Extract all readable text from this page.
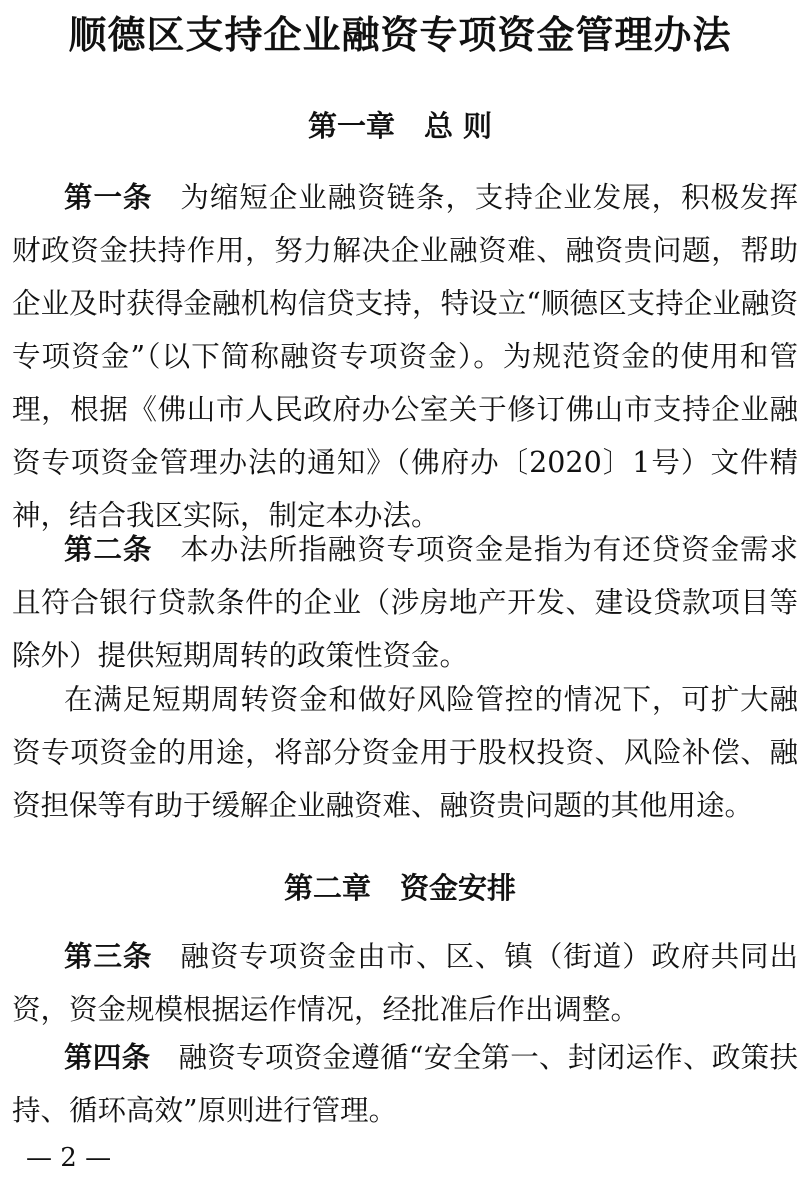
顺德区支持企业融资专项资金管理办法
第一章　总 则

第一条 为缩短企业融资链条，支持企业发展，积极发挥财政资金扶持作用，努力解决企业融资难、融资贵问题，帮助企业及时获得金融机构信贷支持，特设立“顺德区支持企业融资专项资金”（以下简称融资专项资金）。为规范资金的使用和管理，根据《佛山市人民政府办公室关于修订佛山市支持企业融资专项资金管理办法的通知》（佛府办〔2020〕1号）文件精神，结合我区实际，制定本办法。

第二条 本办法所指融资专项资金是指为有还贷资金需求且符合银行贷款条件的企业（涉房地产开发、建设贷款项目等除外）提供短期周转的政策性资金。

在满足短期周转资金和做好风险管控的情况下，可扩大融资专项资金的用途，将部分资金用于股权投资、风险补偿、融资担保等有助于缓解企业融资难、融资贵问题的其他用途。

第二章　资金安排

第三条 融资专项资金由市、区、镇（街道）政府共同出资，资金规模根据运作情况，经批准后作出调整。

第四条 融资专项资金遵循“安全第一、封闭运作、政策扶持、循环高效”原则进行管理。

— 2 —
